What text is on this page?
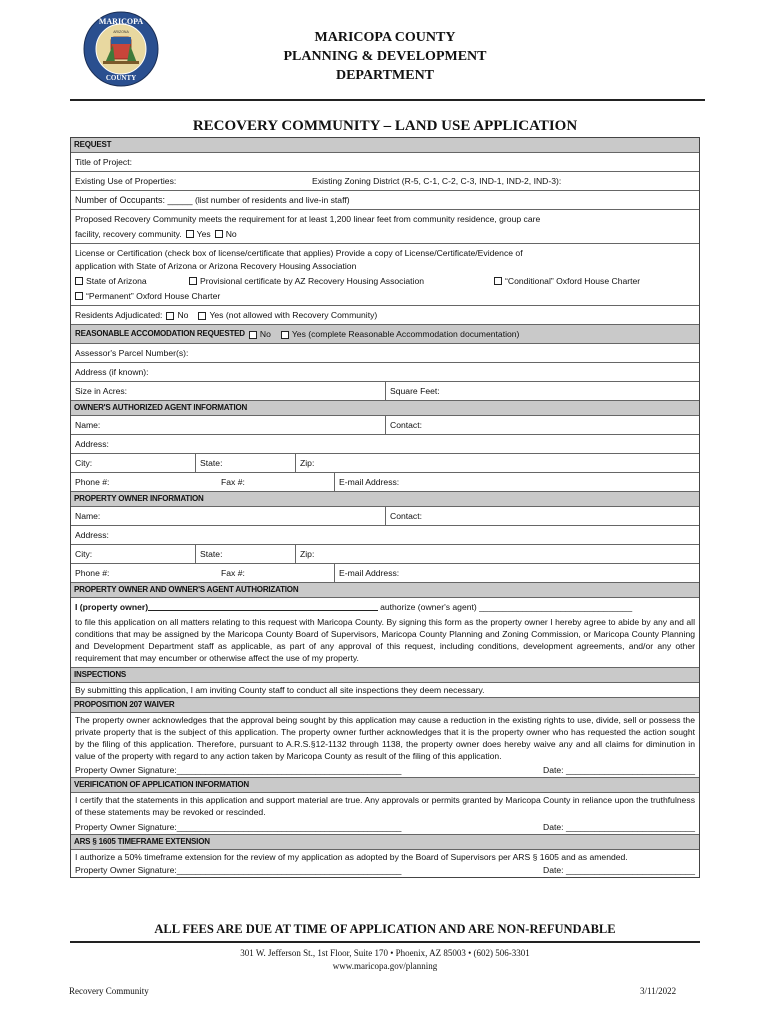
MARICOPA
COUNTY
ARIZONA	MARICOPA COUNTY
PLANNING & DEVELOPMENT
DEPARTMENT
RECOVERY COMMUNITY – LAND USE APPLICATION
REQUEST
Title of Project:
Existing Use of Properties:	Existing Zoning District (R-5, C-1, C-2, C-3, IND-1, IND-2, IND-3):
Number of Occupants: _____
(list number of residents and live-in staff)
Proposed Recovery Community meets the requirement for at least 1,200 linear feet from community residence, group care
facility, recovery community. Yes No
License or Certification (check box of license/certificate that applies) Provide a copy of License/Certificate/Evidence of
application with State of Arizona or Arizona Recovery Housing Association
State of Arizona	Provisional certificate by AZ Recovery Housing Association	“Conditional” Oxford House Charter
“Permanent” Oxford House Charter
Residents Adjudicated: No Yes (not allowed with Recovery Community)
REASONABLE ACCOMODATION REQUESTED No Yes (complete Reasonable Accommodation documentation)
Assessor's Parcel Number(s):
Address (if known):
Size in Acres:	Square Feet:
OWNER'S AUTHORIZED AGENT INFORMATION
Name:	Contact:
Address:
City:	State:	Zip:
Phone #:	Fax #:	E-mail Address:
PROPERTY OWNER INFORMATION
Name:	Contact:
Address:
City:	State:	Zip:
Phone #:	Fax #:	E-mail Address:
PROPERTY OWNER AND OWNER'S AGENT AUTHORIZATION
I (property owner)	authorize (owner's agent) ________________________________
to file this application on all matters relating to this request with Maricopa County. By signing this form as the property owner I hereby agree to abide by any and all conditions that may be assigned by the Maricopa County Board of Supervisors, Maricopa County Planning and Zoning Commission, or Maricopa County Planning and Development Department staff as applicable, as part of any approval of this request, including conditions, development agreements, and/or any other requirement that may encumber or otherwise affect the use of my property.
INSPECTIONS
By submitting this application, I am inviting County staff to conduct all site inspections they deem necessary.
PROPOSITION 207 WAIVER
The property owner acknowledges that the approval being sought by this application may cause a reduction in the existing rights to use, divide, sell or possess the private property that is the subject of this application. The property owner further acknowledges that it is the property owner who has requested the action sought by the filing of this application. Therefore, pursuant to A.R.S.§12-1132 through 1138, the property owner does hereby waive any and all claims for diminution in value of the property with regard to any action taken by Maricopa County as result of the filing of this application.
Property Owner Signature:_______________________________________________	Date: ___________________________
VERIFICATION OF APPLICATION INFORMATION
I certify that the statements in this application and support material are true. Any approvals or permits granted by Maricopa County in reliance upon the truthfulness of these statements may be revoked or rescinded.
Property Owner Signature:_______________________________________________	Date: ___________________________
ARS § 1605 TIMEFRAME EXTENSION
I authorize a 50% timeframe extension for the review of my application as adopted by the Board of Supervisors per ARS § 1605 and as amended.
Property Owner Signature:_______________________________________________	Date: ___________________________
ALL FEES ARE DUE AT TIME OF APPLICATION AND ARE NON-REFUNDABLE
301 W. Jefferson St., 1st Floor, Suite 170 • Phoenix, AZ 85003 • (602) 506-3301
www.maricopa.gov/planning
Recovery Community	3/11/2022
